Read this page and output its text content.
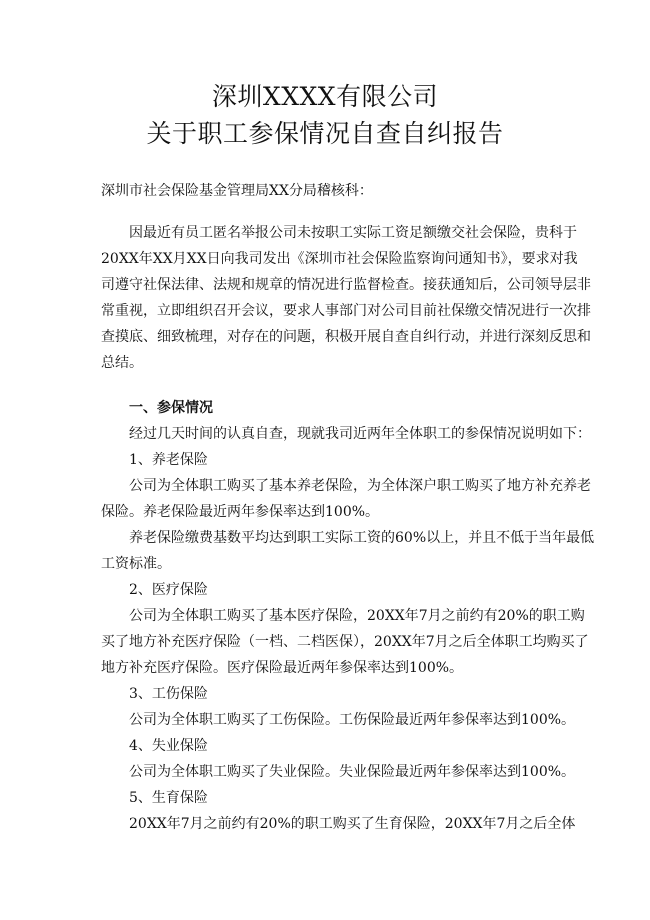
深圳XXXX有限公司
关于职工参保情况自查自纠报告

深圳市社会保险基金管理局XX分局稽核科：

因最近有员工匿名举报公司未按职工实际工资足额缴交社会保险，贵科于
20XX年XX月XX日向我司发出《深圳市社会保险监察询问通知书》，要求对我
司遵守社保法律、法规和规章的情况进行监督检查。接获通知后，公司领导层非
常重视，立即组织召开会议，要求人事部门对公司目前社保缴交情况进行一次排
查摸底、细致梳理，对存在的问题，积极开展自查自纠行动，并进行深刻反思和
总结。

一、参保情况

经过几天时间的认真自查，现就我司近两年全体职工的参保情况说明如下：

1、养老保险

公司为全体职工购买了基本养老保险，为全体深户职工购买了地方补充养老

保险。养老保险最近两年参保率达到100%。

养老保险缴费基数平均达到职工实际工资的60%以上，并且不低于当年最低

工资标准。

2、医疗保险

公司为全体职工购买了基本医疗保险，20XX年7月之前约有20%的职工购

买了地方补充医疗保险（一档、二档医保），20XX年7月之后全体职工均购买了

地方补充医疗保险。医疗保险最近两年参保率达到100%。

3、工伤保险

公司为全体职工购买了工伤保险。工伤保险最近两年参保率达到100%。

4、失业保险

公司为全体职工购买了失业保险。失业保险最近两年参保率达到100%。

5、生育保险

20XX年7月之前约有20%的职工购买了生育保险，20XX年7月之后全体
